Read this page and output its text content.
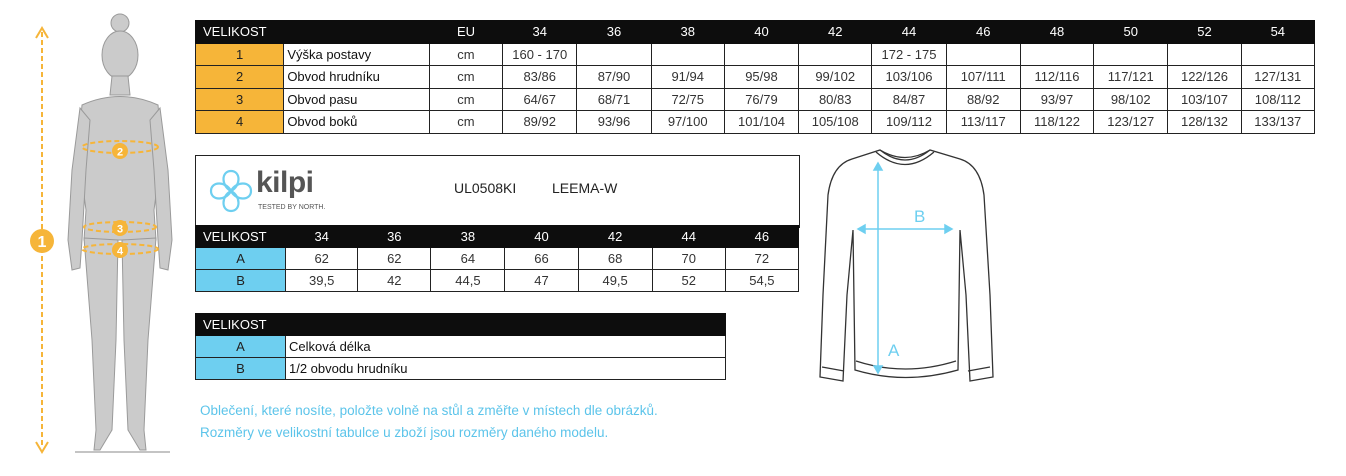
1
2
3
4
VELIKOST		EU	34	36	38	40	42	44	46	48	50	52	54
1	Výška postavy	cm	160 - 170					172 - 175					
2	Obvod hrudníku	cm	83/86	87/90	91/94	95/98	99/102	103/106	107/111	112/116	117/121	122/126	127/131
3	Obvod pasu	cm	64/67	68/71	72/75	76/79	80/83	84/87	88/92	93/97	98/102	103/107	108/112
4	Obvod boků	cm	89/92	93/96	97/100	101/104	105/108	109/112	113/117	118/122	123/127	128/132	133/137
kilpi
TESTED BY NORTH.
UL0508KI	LEEMA-W
VELIKOST	34	36	38	40	42	44	46
A	62	62	64	66	68	70	72
B	39,5	42	44,5	47	49,5	52	54,5
VELIKOST	
A	Celková délka
B	1/2 obvodu hrudníku
Oblečení, které nosíte, položte volně na stůl a změřte v místech dle obrázků.
Rozměry ve velikostní tabulce u zboží jsou rozměry daného modelu.
B
A
